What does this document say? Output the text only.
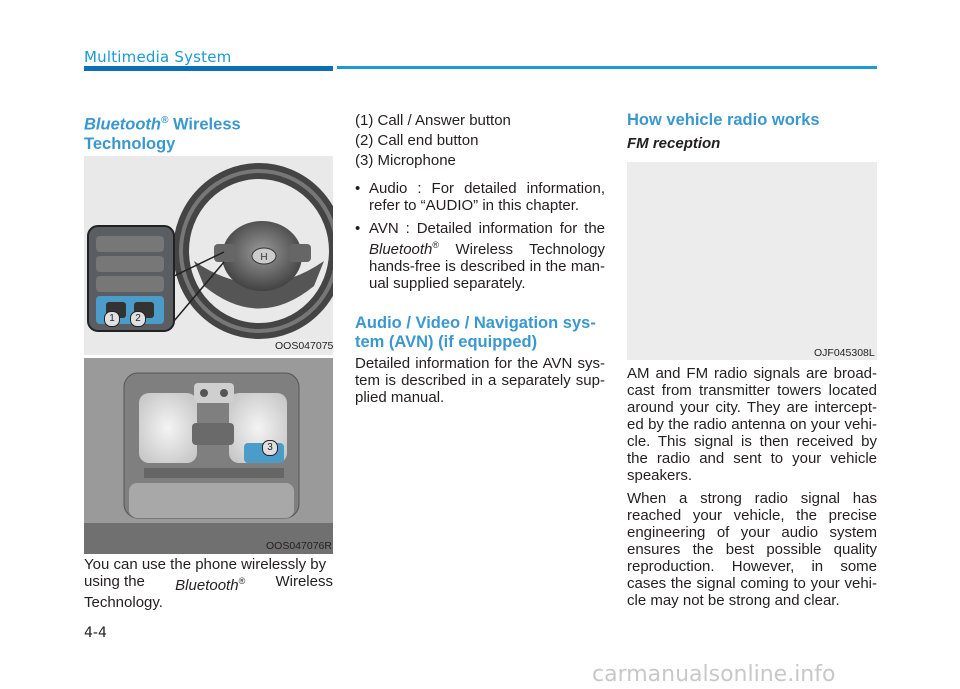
Multimedia System
Bluetooth® Wireless Technology

H
1	2
OOS047075
3
OOS047076R
You can use the phone wirelessly by
using the Bluetooth® Wireless
Technology.
(1) Call / Answer button
(2) Call end button
(3) Microphone
• Audio : For detailed information, refer to “AUDIO” in this chapter.
• AVN : Detailed information for the Bluetooth® Wireless Technology hands-free is described in the man-ual supplied separately.
Audio / Video / Navigation sys-
tem (AVN) (if equipped)
Detailed information for the AVN sys-tem is described in a separately sup-plied manual.
How vehicle radio works
FM reception
OJF045308L

AM and FM radio signals are broad-cast from transmitter towers located around your city. They are intercept-ed by the radio antenna on your vehi-cle. This signal is then received by the radio and sent to your vehicle speakers.

When a strong radio signal has reached your vehicle, the precise engineering of your audio system ensures the best possible quality reproduction. However, in some cases the signal coming to your vehi-cle may not be strong and clear.

4-4
carmanualsonline.info
